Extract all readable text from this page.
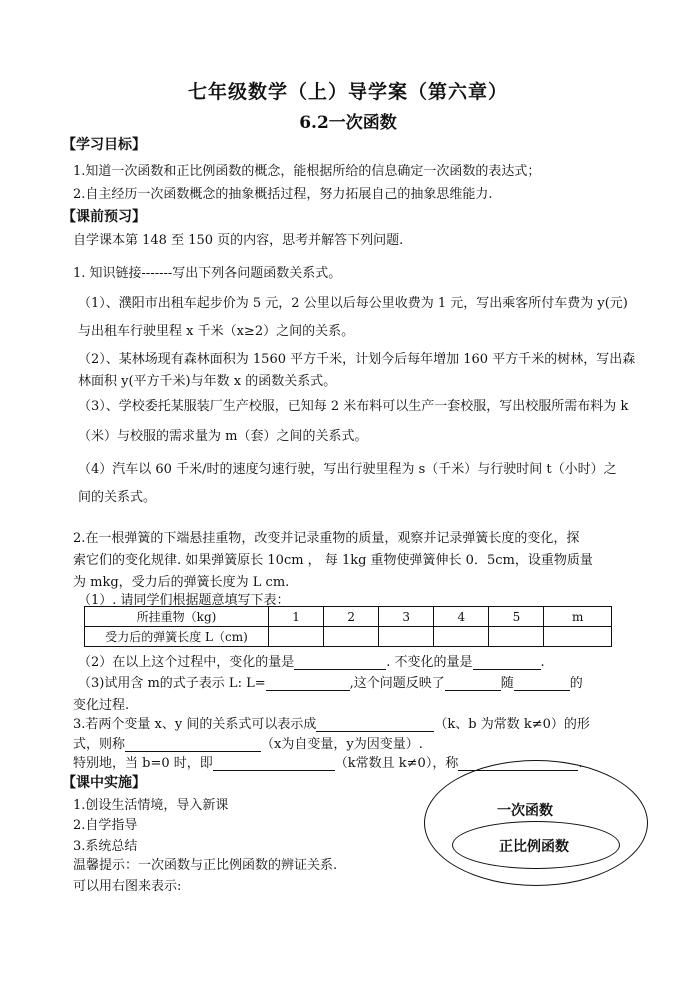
七年级数学（上）导学案（第六章）
6.2一次函数
【学习目标】
1.知道一次函数和正比例函数的概念，能根据所给的信息确定一次函数的表达式；
2.自主经历一次函数概念的抽象概括过程，努力拓展自己的抽象思维能力.
【课前预习】
自学课本第 148 至 150 页的内容，思考并解答下列问题.
1. 知识链接-------写出下列各问题函数关系式。
（1）、濮阳市出租车起步价为 5 元，2 公里以后每公里收费为 1 元，写出乘客所付车费为 y(元)
与出租车行驶里程 x 千米（x≥2）之间的关系。
（2）、某林场现有森林面积为 1560 平方千米，计划今后每年增加 160 平方千米的树林，写出森
林面积 y(平方千米)与年数 x 的函数关系式。
（3）、学校委托某服装厂生产校服，已知每 2 米布料可以生产一套校服，写出校服所需布料为 k
（米）与校服的需求量为 m（套）之间的关系式。
（4）汽车以 60 千米/时的速度匀速行驶，写出行驶里程为 s（千米）与行驶时间 t（小时）之
间的关系式。
2.在一根弹簧的下端悬挂重物，改变并记录重物的质量，观察并记录弹簧长度的变化，探
索它们的变化规律. 如果弹簧原长 10cm ， 每 1kg 重物使弹簧伸长 0．5cm，设重物质量
为 mkg，受力后的弹簧长度为 L cm.
（1）. 请同学们根据题意填写下表：
所挂重物（kg)	1	2	3	4	5	m
受力后的弹簧长度 L（cm)						
（2）在以上这个过程中，变化的量是	. 不变化的量是	.
（3)试用含 m的式子表示 L: L=	,这个问题反映了	随	的
变化过程.
3.若两个变量 x、y 间的关系式可以表示成	（k、b 为常数 k≠0）的形
式，则称	（x为自变量，y为因变量）.
特别地，当 b=0 时，即	（k常数且 k≠0），称	.
【课中实施】
1.创设生活情境，导入新课
2.自学指导
3.系统总结
温馨提示：一次函数与正比例函数的辨证关系.
可以用右图来表示:
一次函数
正比例函数
